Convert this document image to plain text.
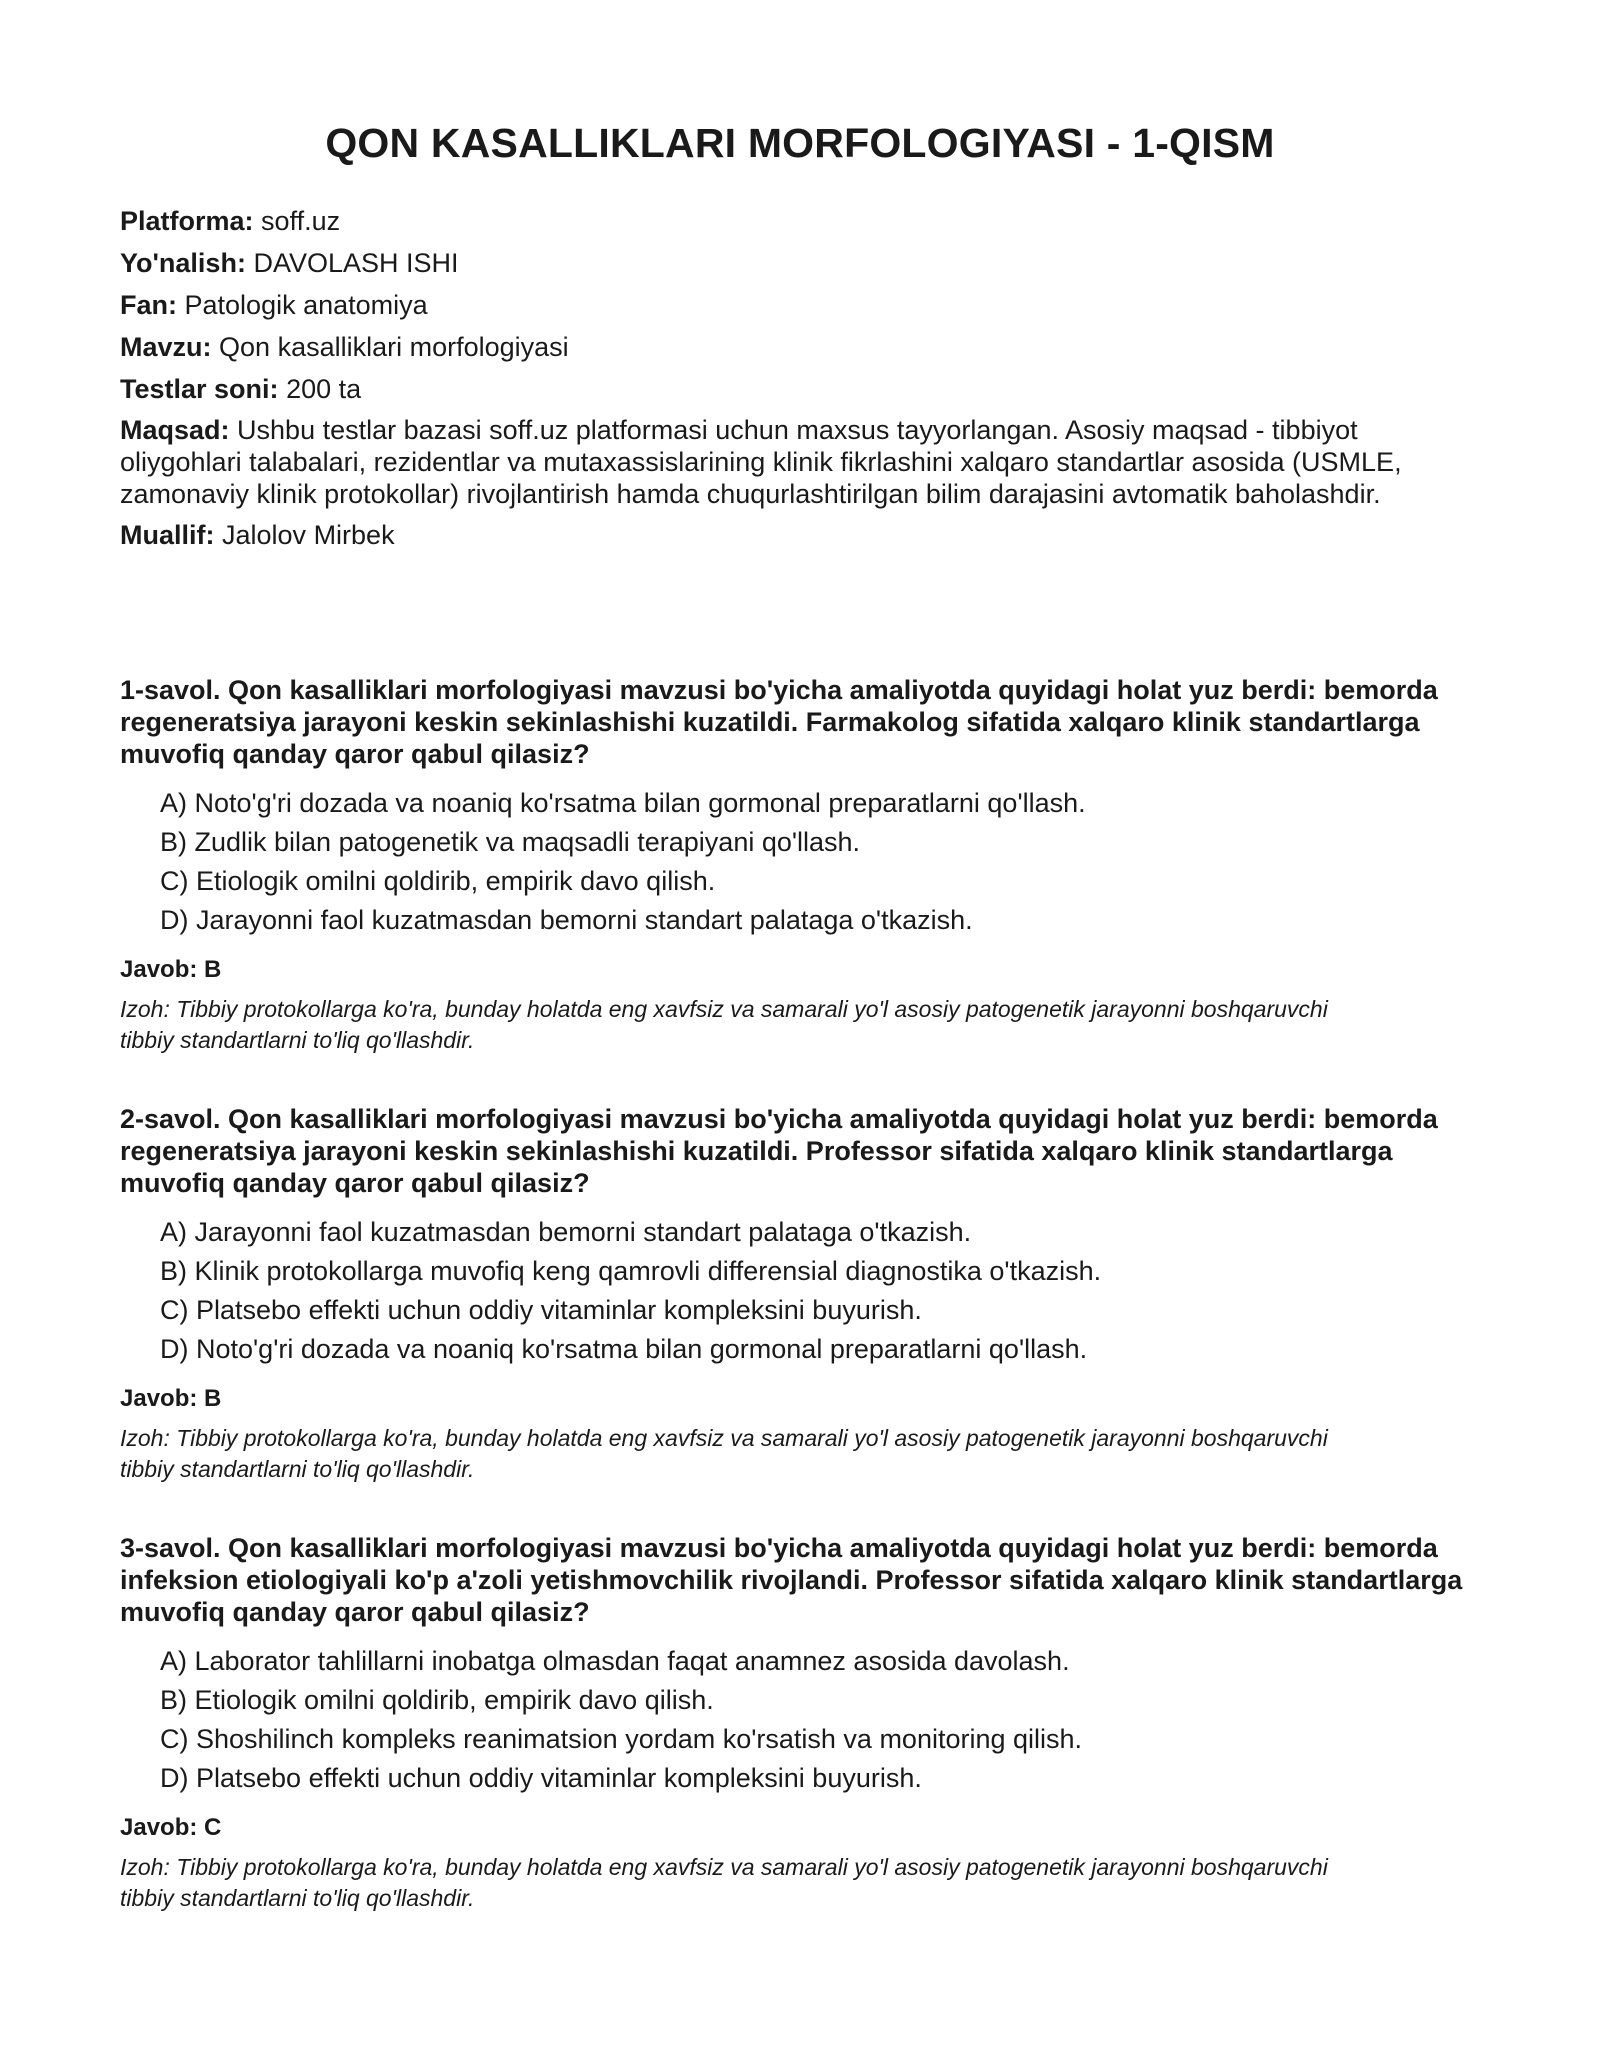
QON KASALLIKLARI MORFOLOGIYASI - 1-QISM
Platforma: soff.uz
Yo'nalish: DAVOLASH ISHI
Fan: Patologik anatomiya
Mavzu: Qon kasalliklari morfologiyasi
Testlar soni: 200 ta
Maqsad: Ushbu testlar bazasi soff.uz platformasi uchun maxsus tayyorlangan. Asosiy maqsad - tibbiyot oliygohlari talabalari, rezidentlar va mutaxassislarining klinik fikrlashini xalqaro standartlar asosida (USMLE, zamonaviy klinik protokollar) rivojlantirish hamda chuqurlashtirilgan bilim darajasini avtomatik baholashdir.
Muallif: Jalolov Mirbek

1-savol. Qon kasalliklari morfologiyasi mavzusi bo'yicha amaliyotda quyidagi holat yuz berdi: bemorda regeneratsiya jarayoni keskin sekinlashishi kuzatildi. Farmakolog sifatida xalqaro klinik standartlarga muvofiq qanday qaror qabul qilasiz?

A) Noto'g'ri dozada va noaniq ko'rsatma bilan gormonal preparatlarni qo'llash.
B) Zudlik bilan patogenetik va maqsadli terapiyani qo'llash.
C) Etiologik omilni qoldirib, empirik davo qilish.
D) Jarayonni faol kuzatmasdan bemorni standart palataga o'tkazish.
Javob: B
Izoh: Tibbiy protokollarga ko'ra, bunday holatda eng xavfsiz va samarali yo'l asosiy patogenetik jarayonni boshqaruvchi tibbiy standartlarni to'liq qo'llashdir.

2-savol. Qon kasalliklari morfologiyasi mavzusi bo'yicha amaliyotda quyidagi holat yuz berdi: bemorda regeneratsiya jarayoni keskin sekinlashishi kuzatildi. Professor sifatida xalqaro klinik standartlarga muvofiq qanday qaror qabul qilasiz?

A) Jarayonni faol kuzatmasdan bemorni standart palataga o'tkazish.
B) Klinik protokollarga muvofiq keng qamrovli differensial diagnostika o'tkazish.
C) Platsebo effekti uchun oddiy vitaminlar kompleksini buyurish.
D) Noto'g'ri dozada va noaniq ko'rsatma bilan gormonal preparatlarni qo'llash.
Javob: B
Izoh: Tibbiy protokollarga ko'ra, bunday holatda eng xavfsiz va samarali yo'l asosiy patogenetik jarayonni boshqaruvchi tibbiy standartlarni to'liq qo'llashdir.

3-savol. Qon kasalliklari morfologiyasi mavzusi bo'yicha amaliyotda quyidagi holat yuz berdi: bemorda infeksion etiologiyali ko'p a'zoli yetishmovchilik rivojlandi. Professor sifatida xalqaro klinik standartlarga muvofiq qanday qaror qabul qilasiz?

A) Laborator tahlillarni inobatga olmasdan faqat anamnez asosida davolash.
B) Etiologik omilni qoldirib, empirik davo qilish.
C) Shoshilinch kompleks reanimatsion yordam ko'rsatish va monitoring qilish.
D) Platsebo effekti uchun oddiy vitaminlar kompleksini buyurish.
Javob: C
Izoh: Tibbiy protokollarga ko'ra, bunday holatda eng xavfsiz va samarali yo'l asosiy patogenetik jarayonni boshqaruvchi tibbiy standartlarni to'liq qo'llashdir.
